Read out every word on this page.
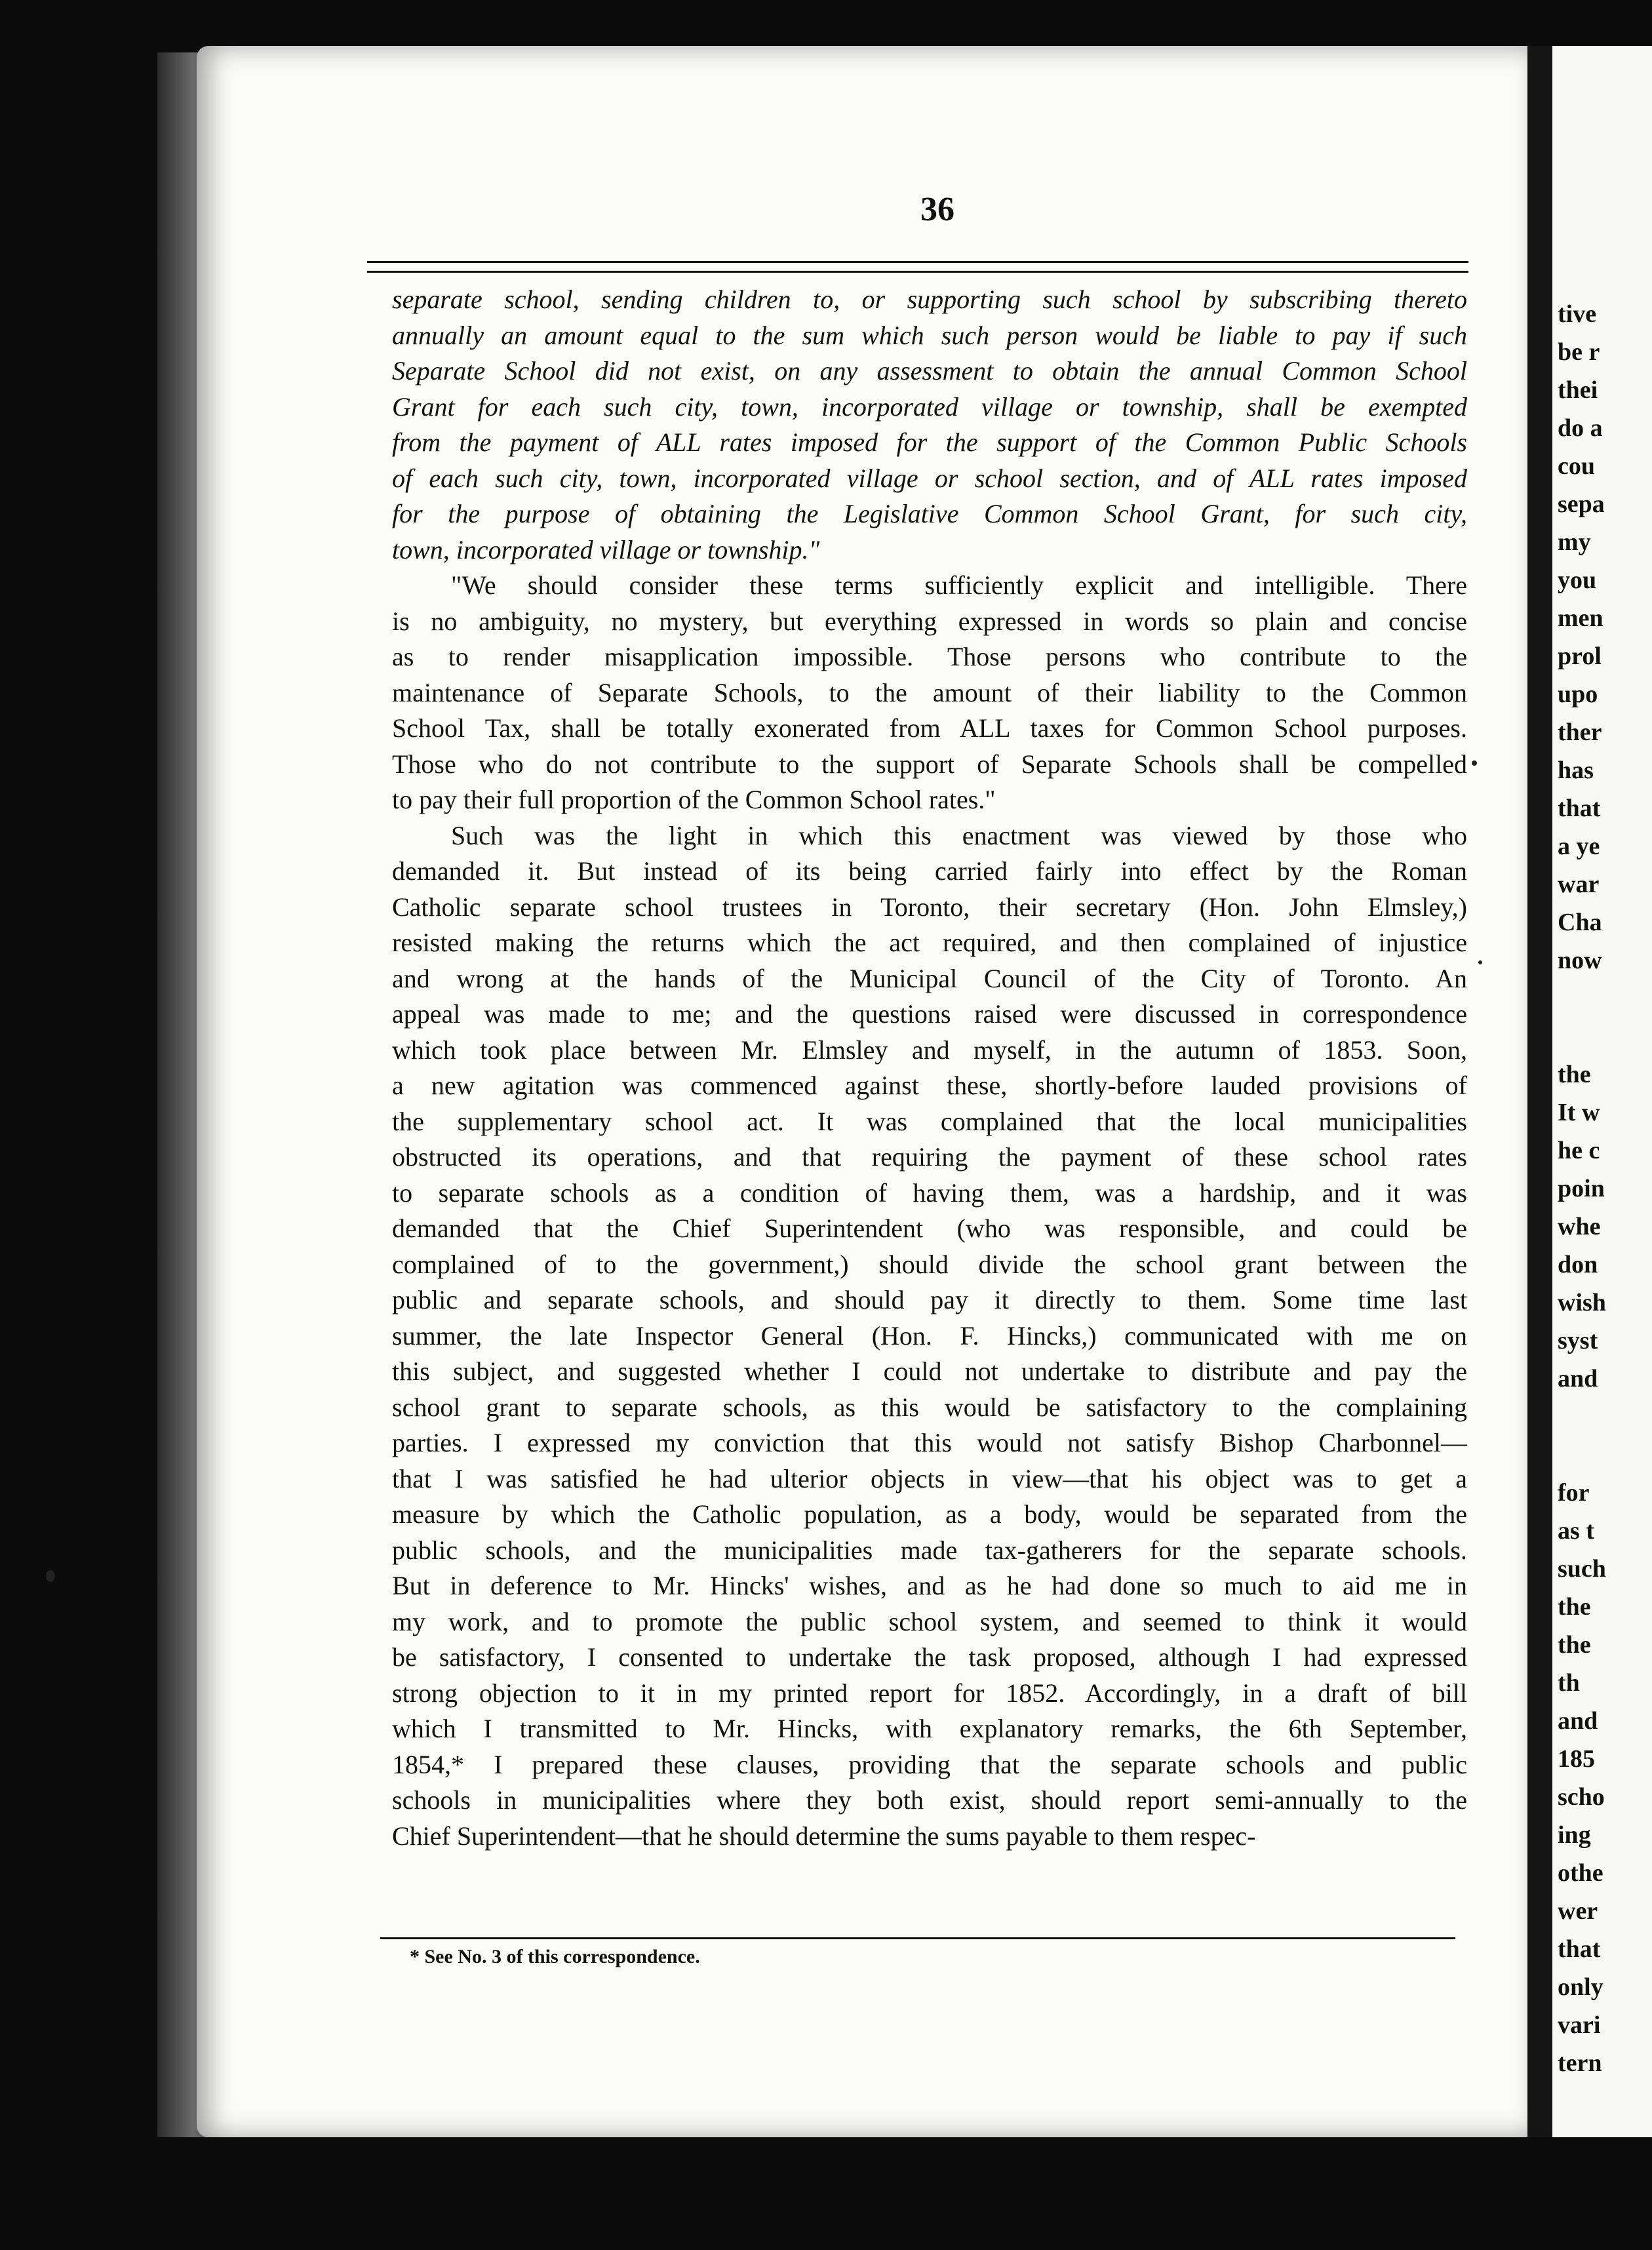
tive
be r
thei
do a
cou
sepa
my
you
men
prol
upo
ther
has
that
a ye
war
Cha
now
the
It w
he c
poin
whe
don
wish
syst
and
for
as t
such
the
the
th
and
185
scho
ing
othe
wer
that
only
vari
tern
36
separate school, sending children to, or supporting such school by subscribing thereto
annually an amount equal to the sum which such person would be liable to pay if such
Separate School did not exist, on any assessment to obtain the annual Common School
Grant for each such city, town, incorporated village or township, shall be exempted
from the payment of ALL rates imposed for the support of the Common Public Schools
of each such city, town, incorporated village or school section, and of ALL rates imposed
for the purpose of obtaining the Legislative Common School Grant, for such city,
town, incorporated village or township."
"We should consider these terms sufficiently explicit and intelligible. There
is no ambiguity, no mystery, but everything expressed in words so plain and concise
as to render misapplication impossible. Those persons who contribute to the
maintenance of Separate Schools, to the amount of their liability to the Common
School Tax, shall be totally exonerated from ALL taxes for Common School purposes.
Those who do not contribute to the support of Separate Schools shall be compelled
to pay their full proportion of the Common School rates."
Such was the light in which this enactment was viewed by those who
demanded it. But instead of its being carried fairly into effect by the Roman
Catholic separate school trustees in Toronto, their secretary (Hon. John Elmsley,)
resisted making the returns which the act required, and then complained of injustice
and wrong at the hands of the Municipal Council of the City of Toronto. An
appeal was made to me; and the questions raised were discussed in correspondence
which took place between Mr. Elmsley and myself, in the autumn of 1853. Soon,
a new agitation was commenced against these, shortly-before lauded provisions of
the supplementary school act. It was complained that the local municipalities
obstructed its operations, and that requiring the payment of these school rates
to separate schools as a condition of having them, was a hardship, and it was
demanded that the Chief Superintendent (who was responsible, and could be
complained of to the government,) should divide the school grant between the
public and separate schools, and should pay it directly to them. Some time last
summer, the late Inspector General (Hon. F. Hincks,) communicated with me on
this subject, and suggested whether I could not undertake to distribute and pay the
school grant to separate schools, as this would be satisfactory to the complaining
parties. I expressed my conviction that this would not satisfy Bishop Charbonnel—
that I was satisfied he had ulterior objects in view—that his object was to get a
measure by which the Catholic population, as a body, would be separated from the
public schools, and the municipalities made tax-gatherers for the separate schools.
But in deference to Mr. Hincks' wishes, and as he had done so much to aid me in
my work, and to promote the public school system, and seemed to think it would
be satisfactory, I consented to undertake the task proposed, although I had expressed
strong objection to it in my printed report for 1852. Accordingly, in a draft of bill
which I transmitted to Mr. Hincks, with explanatory remarks, the 6th September,
1854,* I prepared these clauses, providing that the separate schools and public
schools in municipalities where they both exist, should report semi-annually to the
Chief Superintendent—that he should determine the sums payable to them respec-
* See No. 3 of this correspondence.
